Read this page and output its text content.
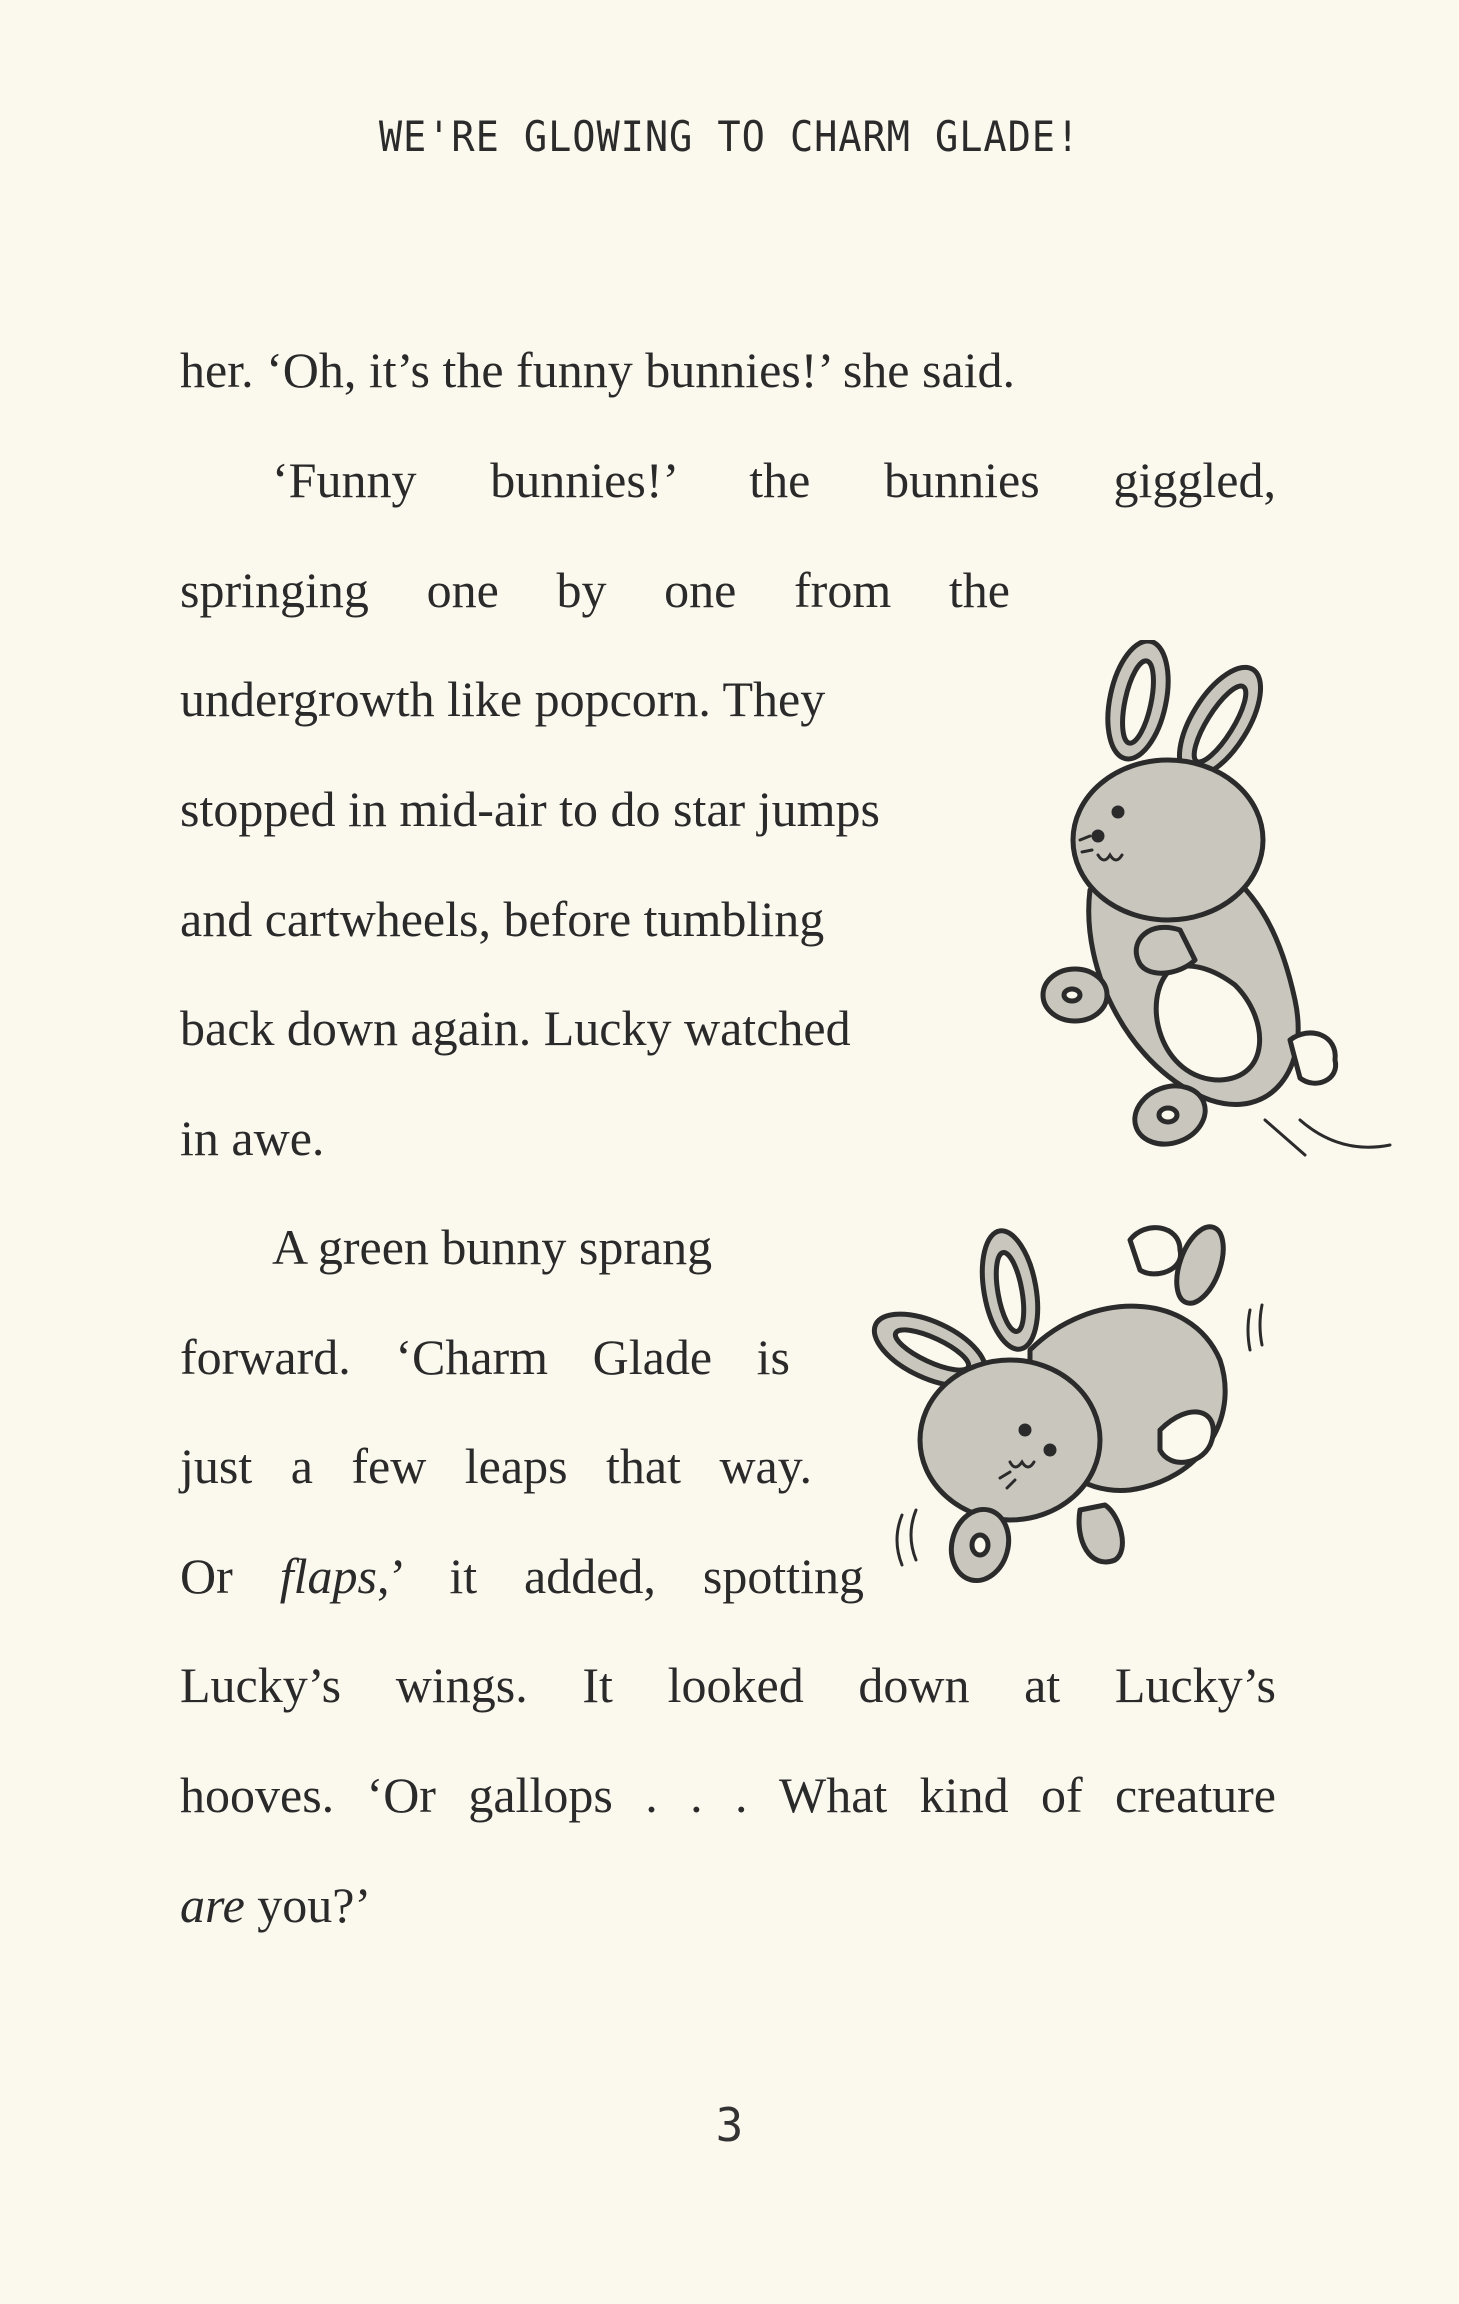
WE'RE GLOWING TO CHARM GLADE!
her. ‘Oh, it’s the funny bunnies!’ she said.
‘Funny bunnies!’ the bunnies giggled,
springing one by one from the
undergrowth like popcorn. They
stopped in mid-air to do star jumps
and cartwheels, before tumbling
back down again. Lucky watched
in awe.
A green bunny sprang
forward. ‘Charm Glade is
just a few leaps that way.
Or flaps,’ it added, spotting
Lucky’s wings. It looked down at Lucky’s
hooves. ‘Or gallops . . . What kind of creature
are you?’
3
